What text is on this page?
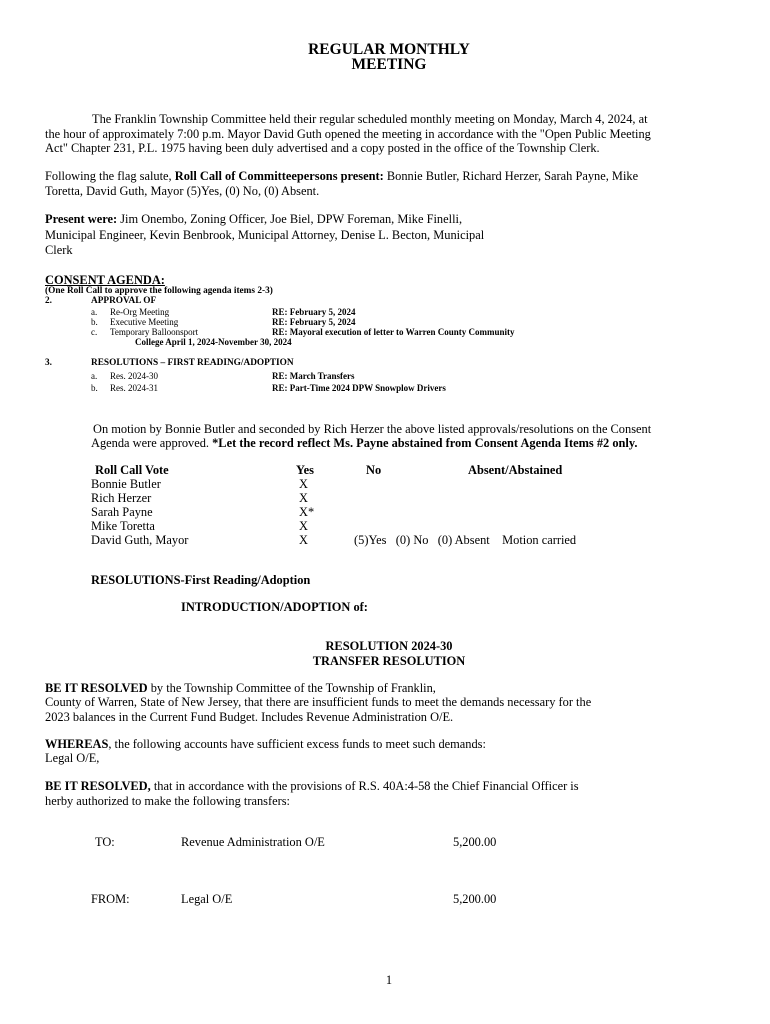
REGULAR MONTHLY
MEETING
The Franklin Township Committee held their regular scheduled monthly meeting on Monday, March 4, 2024, at
the hour of approximately 7:00 p.m. Mayor David Guth opened the meeting in accordance with the "Open Public Meeting
Act" Chapter 231, P.L. 1975 having been duly advertised and a copy posted in the office of the Township Clerk.
Following the flag salute, Roll Call of Committeepersons present: Bonnie Butler, Richard Herzer, Sarah Payne, Mike
Toretta, David Guth, Mayor (5)Yes, (0) No, (0) Absent.
Present were: Jim Onembo, Zoning Officer, Joe Biel, DPW Foreman, Mike Finelli,
Municipal Engineer, Kevin Benbrook, Municipal Attorney, Denise L. Becton, Municipal
Clerk
CONSENT AGENDA:
(One Roll Call to approve the following agenda items 2-3)
2.	APPROVAL OF
a. Re-Org Meeting	RE: February 5, 2024
b. Executive Meeting	RE: February 5, 2024
c. Temporary Balloonsport	RE: Mayoral execution of letter to Warren County Community
College April 1, 2024-November 30, 2024
3.	RESOLUTIONS – FIRST READING/ADOPTION
a. Res. 2024-30	RE: March Transfers
b. Res. 2024-31	RE: Part-Time 2024 DPW Snowplow Drivers
On motion by Bonnie Butler and seconded by Rich Herzer the above listed approvals/resolutions on the Consent
Agenda were approved. *Let the record reflect Ms. Payne abstained from Consent Agenda Items #2 only.
Roll Call Vote	Yes	No	Absent/Abstained
Bonnie Butler	X
Rich Herzer	X
Sarah Payne	X*
Mike Toretta	X
David Guth, Mayor	X	(5)Yes   (0) No   (0) Absent    Motion carried
RESOLUTIONS-First Reading/Adoption
INTRODUCTION/ADOPTION of:
RESOLUTION 2024-30
TRANSFER RESOLUTION
BE IT RESOLVED by the Township Committee of the Township of Franklin,
County of Warren, State of New Jersey, that there are insufficient funds to meet the demands necessary for the
2023 balances in the Current Fund Budget. Includes Revenue Administration O/E.
WHEREAS, the following accounts have sufficient excess funds to meet such demands:
Legal O/E,
BE IT RESOLVED, that in accordance with the provisions of R.S. 40A:4-58 the Chief Financial Officer is
herby authorized to make the following transfers:
TO:	Revenue Administration O/E	5,200.00
FROM:	Legal O/E	5,200.00
1
